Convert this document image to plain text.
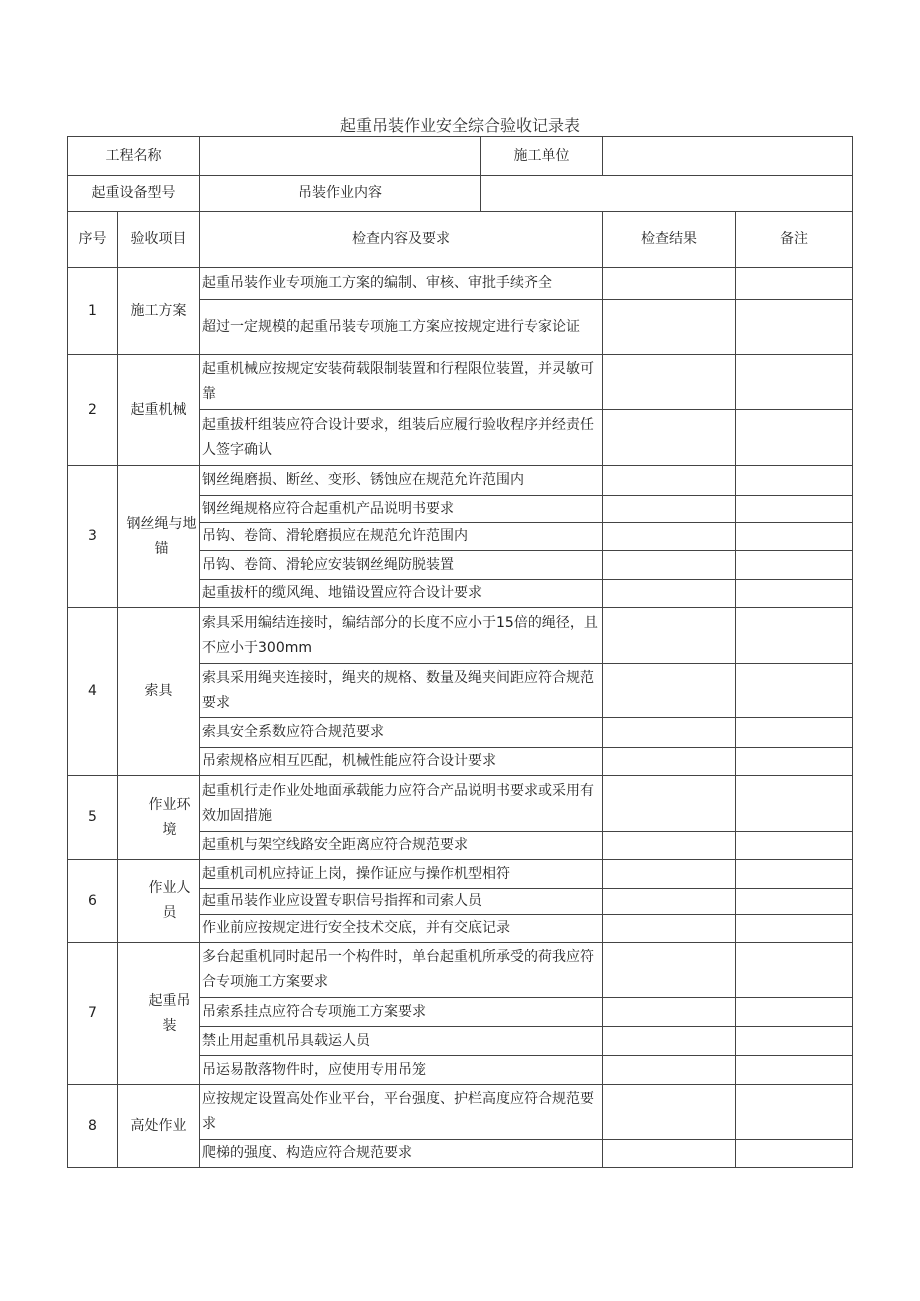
起重吊装作业安全综合验收记录表
工程名称			施工单位		
起重设备型号		吊装作业内容			
序号	验收项目	检查内容及要求		检查结果	备注
1	施工方案	起重吊装作业专项施工方案的编制、审核、审批手续齐全			
		超过一定规模的起重吊装专项施工方案应按规定进行专家论证			
2	起重机械	起重机械应按规定安装荷载限制装置和行程限位装置，并灵敏可靠			
		起重拔杆组装应符合设计要求，组装后应履行验收程序并经责任人签字确认			
3	钢丝绳与地锚	钢丝绳磨损、断丝、变形、锈蚀应在规范允许范围内			
		钢丝绳规格应符合起重机产品说明书要求			
		吊钩、卷筒、滑轮磨损应在规范允许范围内			
		吊钩、卷筒、滑轮应安装钢丝绳防脱装置			
		起重拔杆的缆风绳、地锚设置应符合设计要求			
4	索具	索具采用编结连接时，编结部分的长度不应小于15倍的绳径，且不应小于300mm			
		索具采用绳夹连接时，绳夹的规格、数量及绳夹间距应符合规范要求			
		索具安全系数应符合规范要求			
		吊索规格应相互匹配，机械性能应符合设计要求			
5	作业环境	起重机行走作业处地面承载能力应符合产品说明书要求或采用有效加固措施			
		起重机与架空线路安全距离应符合规范要求			
6	作业人员	起重机司机应持证上岗，操作证应与操作机型相符			
		起重吊装作业应设置专职信号指挥和司索人员			
		作业前应按规定进行安全技术交底，并有交底记录			
7	起重吊装	多台起重机同时起吊一个构件时，单台起重机所承受的荷我应符合专项施工方案要求			
		吊索系挂点应符合专项施工方案要求			
		禁止用起重机吊具载运人员			
		吊运易散落物件时，应使用专用吊笼			
8	高处作业	应按规定设置高处作业平台，平台强度、护栏高度应符合规范要求			
		爬梯的强度、构造应符合规范要求			
